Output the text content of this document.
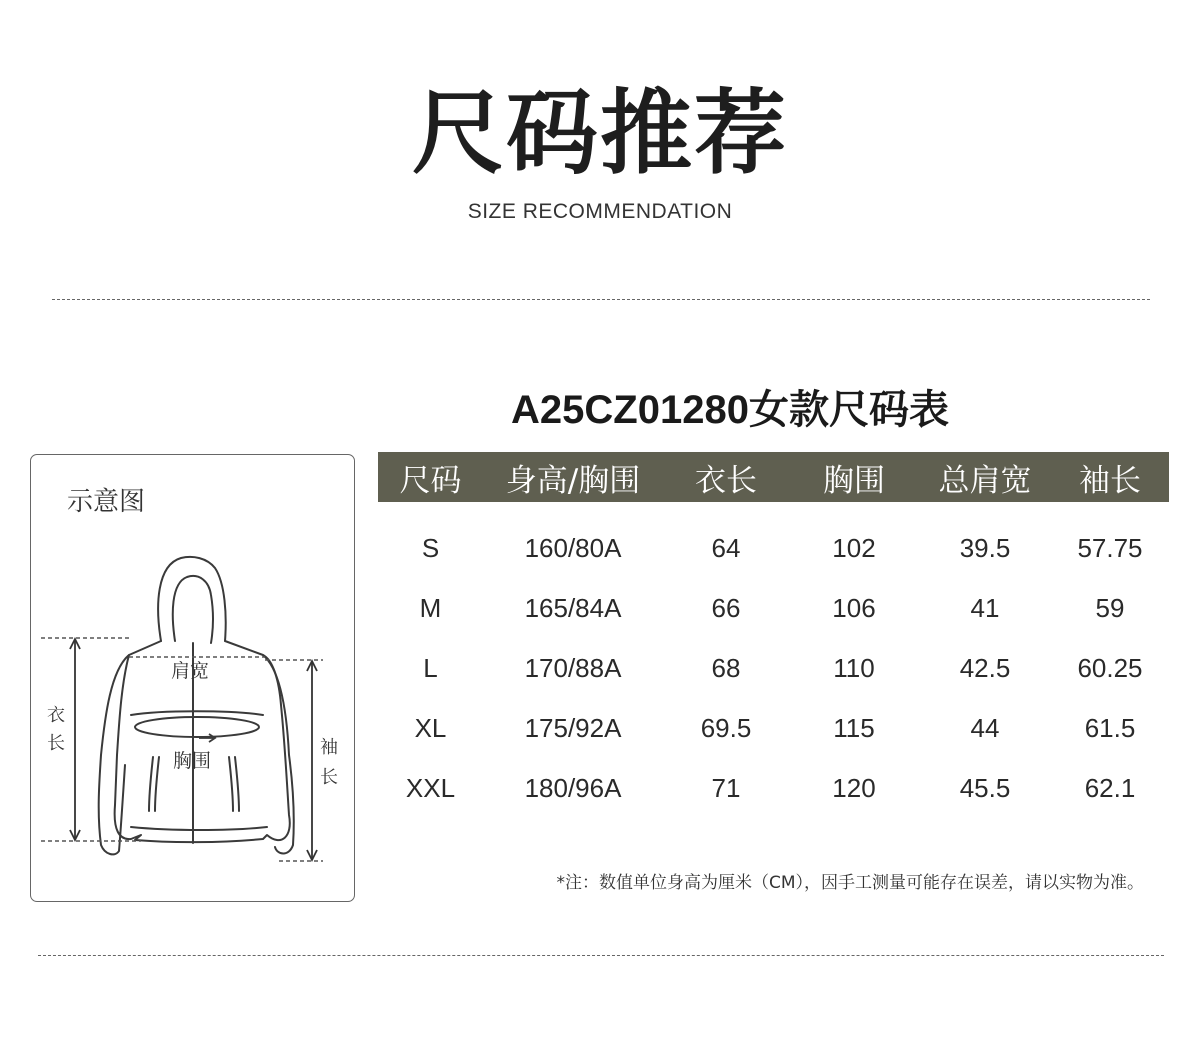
尺码推荐
SIZE RECOMMENDATION
A25CZ01280女款尺码表
示意图
肩宽
胸围
衣
长	袖
长
尺码	身高/胸围	衣长	胸围	总肩宽	袖长
S	160/80A	64	102	39.5	57.75
M	165/84A	66	106	41	59
L	170/88A	68	110	42.5	60.25
XL	175/92A	69.5	115	44	61.5
XXL	180/96A	71	120	45.5	62.1
*注：数值单位身高为厘米（CM），因手工测量可能存在误差，请以实物为准。
